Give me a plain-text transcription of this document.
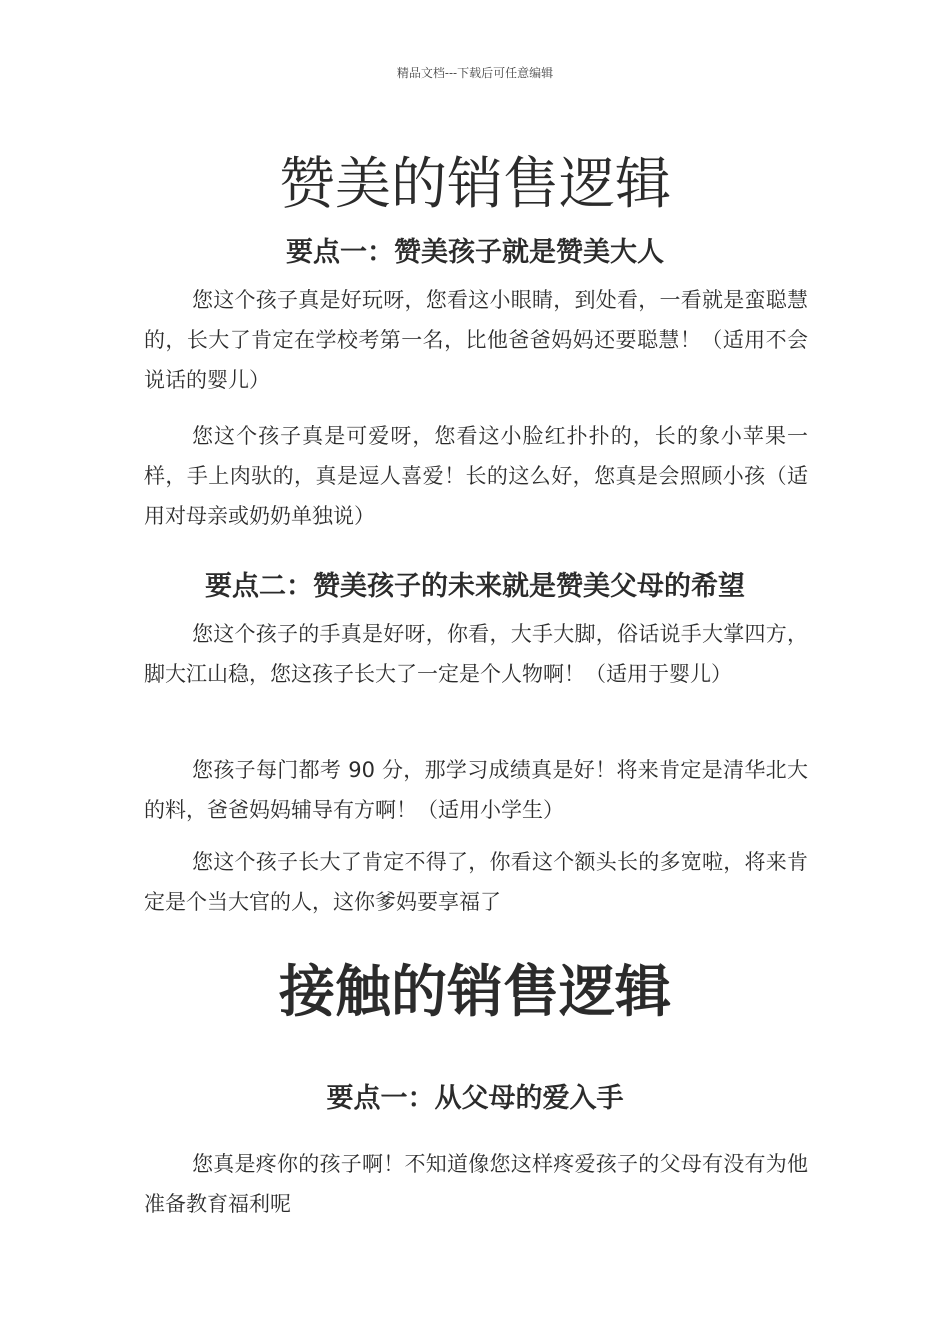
精品文档---下载后可任意编辑
赞美的销售逻辑
要点一：赞美孩子就是赞美大人

您这个孩子真是好玩呀，您看这小眼睛，到处看，一看就是蛮聪慧的，长大了肯定在学校考第一名，比他爸爸妈妈还要聪慧！（适用不会说话的婴儿）

您这个孩子真是可爱呀，您看这小脸红扑扑的，长的象小苹果一样，手上肉驮的，真是逗人喜爱！长的这么好，您真是会照顾小孩（适用对母亲或奶奶单独说）

要点二：赞美孩子的未来就是赞美父母的希望

您这个孩子的手真是好呀，你看，大手大脚，俗话说手大掌四方，脚大江山稳，您这孩子长大了一定是个人物啊！（适用于婴儿）

您孩子每门都考 90 分，那学习成绩真是好！将来肯定是清华北大的料，爸爸妈妈辅导有方啊！（适用小学生）

您这个孩子长大了肯定不得了，你看这个额头长的多宽啦，将来肯定是个当大官的人，这你爹妈要享福了

接触的销售逻辑
要点一：从父母的爱入手

您真是疼你的孩子啊！不知道像您这样疼爱孩子的父母有没有为他准备教育福利呢
